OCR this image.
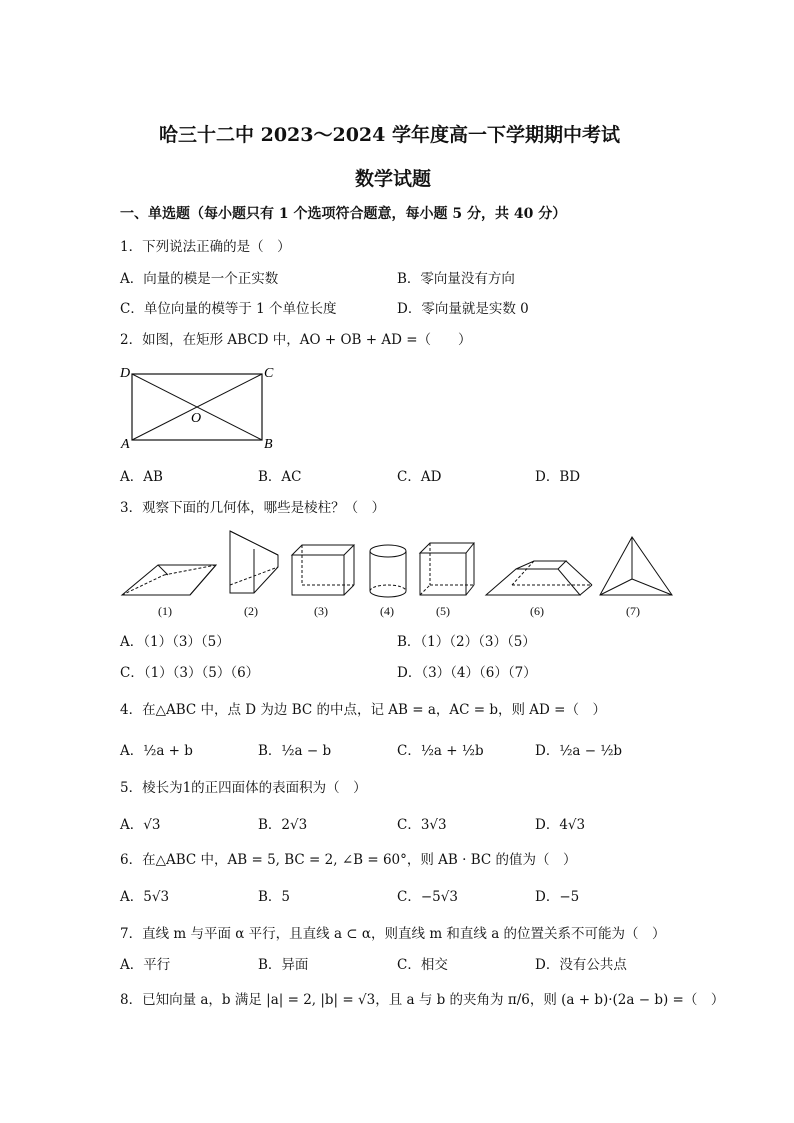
哈三十二中 2023～2024 学年度高一下学期期中考试
数学试题
一、单选题（每小题只有 1 个选项符合题意，每小题 5 分，共 40 分）
1．下列说法正确的是（　）
A．向量的模是一个正实数	B．零向量没有方向
C．单位向量的模等于 1 个单位长度	D．零向量就是实数 0
2．如图，在矩形 ABCD 中，AO + OB + AD =（　　）
D	C
A	B
O
A．AB	B．AC	C．AD	D．BD
3．观察下面的几何体，哪些是棱柱？（　）
(1)	(2)	(3)	(4)	(5)	(6)	(7)
A．（1）（3）（5）	B．（1）（2）（3）（5）
C．（1）（3）（5）（6）	D．（3）（4）（6）（7）
4．在△ABC 中，点 D 为边 BC 的中点，记 AB = a，AC = b，则 AD =（　）
A．½a + b	B．½a − b	C．½a + ½b	D．½a − ½b
5．棱长为1的正四面体的表面积为（　）
A．√3	B．2√3	C．3√3	D．4√3
6．在△ABC 中，AB = 5, BC = 2, ∠B = 60°，则 AB · BC 的值为（　）
A．5√3	B．5	C．−5√3	D．−5
7．直线 m 与平面 α 平行，且直线 a ⊂ α，则直线 m 和直线 a 的位置关系不可能为（　）
A．平行	B．异面	C．相交	D．没有公共点
8．已知向量 a，b 满足 |a| = 2, |b| = √3，且 a 与 b 的夹角为 π/6，则 (a + b)·(2a − b) =（　）
